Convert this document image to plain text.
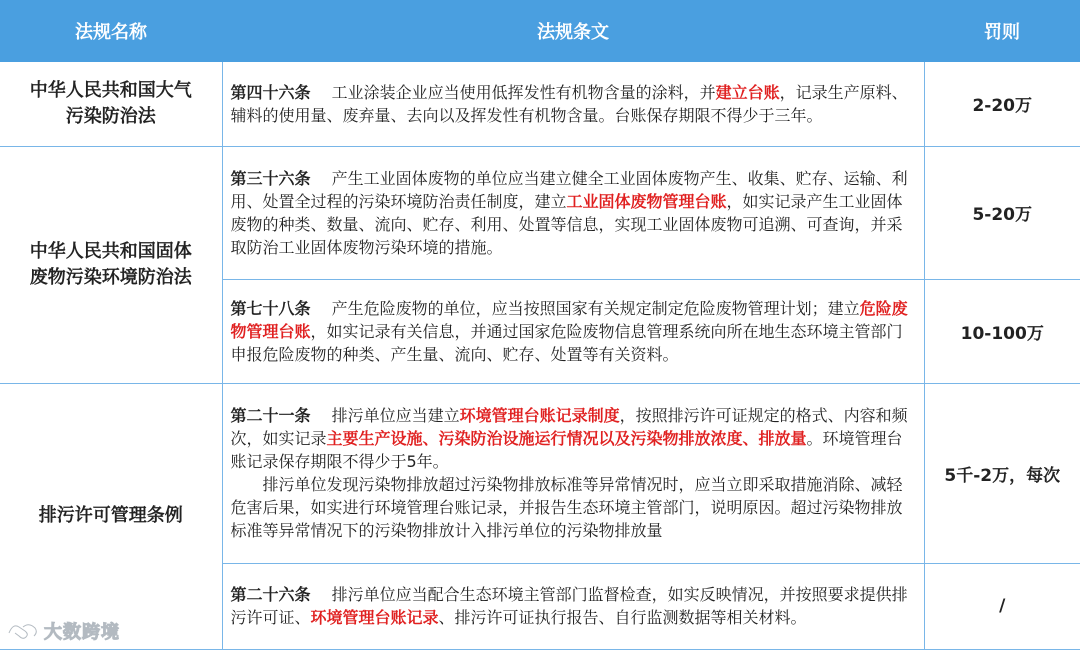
法规名称	法规条文	罚则
中华人民共和国大气
污染防治法	第四十六条  工业涂装企业应当使用低挥发性有机物含量的涂料，并建立台账，记录生产原料、辅料的使用量、废弃量、去向以及挥发性有机物含量。台账保存期限不得少于三年。	2-20万
中华人民共和国固体
废物污染环境防治法	第三十六条  产生工业固体废物的单位应当建立健全工业固体废物产生、收集、贮存、运输、利用、处置全过程的污染环境防治责任制度，建立工业固体废物管理台账，如实记录产生工业固体废物的种类、数量、流向、贮存、利用、处置等信息，实现工业固体废物可追溯、可查询，并采取防治工业固体废物污染环境的措施。	5-20万
	第七十八条  产生危险废物的单位，应当按照国家有关规定制定危险废物管理计划；建立危险废物管理台账，如实记录有关信息，并通过国家危险废物信息管理系统向所在地生态环境主管部门申报危险废物的种类、产生量、流向、贮存、处置等有关资料。	10-100万
排污许可管理条例	第二十一条  排污单位应当建立环境管理台账记录制度，按照排污许可证规定的格式、内容和频次，如实记录主要生产设施、污染防治设施运行情况以及污染物排放浓度、排放量。环境管理台账记录保存期限不得少于5年。
排污单位发现污染物排放超过污染物排放标准等异常情况时，应当立即采取措施消除、减轻危害后果，如实进行环境管理台账记录，并报告生态环境主管部门，说明原因。超过污染物排放标准等异常情况下的污染物排放计入排污单位的污染物排放量	5千-2万，每次
	第二十六条  排污单位应当配合生态环境主管部门监督检查，如实反映情况，并按照要求提供排污许可证、环境管理台账记录、排污许可证执行报告、自行监测数据等相关材料。	/
大数跨境
